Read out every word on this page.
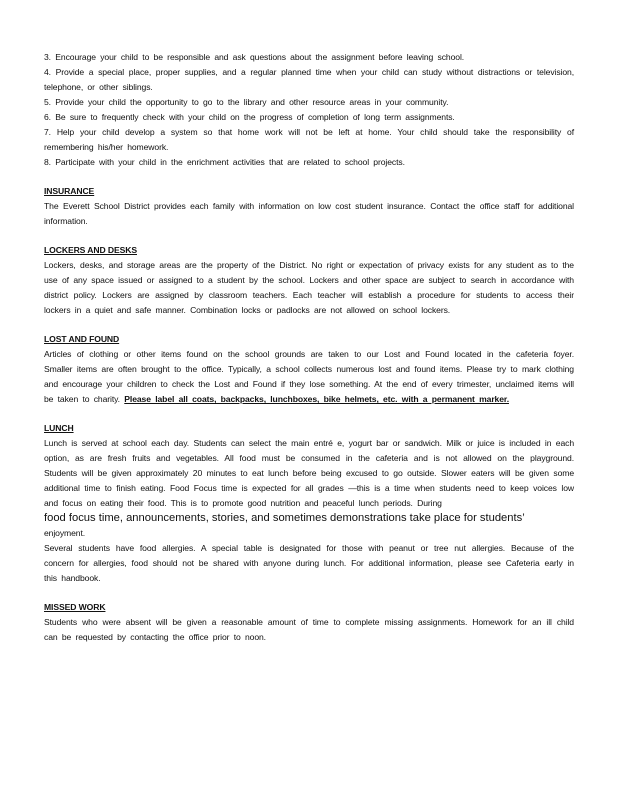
3. Encourage your child to be responsible and ask questions about the assignment before leaving school.

4. Provide a special place, proper supplies, and a regular planned time when your child can study without distractions or television, telephone, or other siblings.

5. Provide your child the opportunity to go to the library and other resource areas in your community.

6. Be sure to frequently check with your child on the progress of completion of long term assignments.

7. Help your child develop a system so that home work will not be left at home. Your child should take the responsibility of remembering his/her homework.

8. Participate with your child in the enrichment activities that are related to school projects.

INSURANCE

The Everett School District provides each family with information on low cost student insurance. Contact the office staff for additional information.

LOCKERS AND DESKS

Lockers, desks, and storage areas are the property of the District. No right or expectation of privacy exists for any student as to the use of any space issued or assigned to a student by the school. Lockers and other space are subject to search in accordance with district policy. Lockers are assigned by classroom teachers. Each teacher will establish a procedure for students to access their lockers in a quiet and safe manner. Combination locks or padlocks are not allowed on school lockers.

LOST AND FOUND

Articles of clothing or other items found on the school grounds are taken to our Lost and Found located in the cafeteria foyer. Smaller items are often brought to the office. Typically, a school collects numerous lost and found items. Please try to mark clothing and encourage your children to check the Lost and Found if they lose something. At the end of every trimester, unclaimed items will be taken to charity. Please label all coats, backpacks, lunchboxes, bike helmets, etc. with a permanent marker.

LUNCH

Lunch is served at school each day. Students can select the main entré e, yogurt bar or sandwich. Milk or juice is included in each option, as are fresh fruits and vegetables. All food must be consumed in the cafeteria and is not allowed on the playground. Students will be given approximately 20 minutes to eat lunch before being excused to go outside. Slower eaters will be given some additional time to finish eating. Food Focus time is expected for all grades —this is a time when students need to keep voices low and focus on eating their food. This is to promote good nutrition and peaceful lunch periods. During

food focus time, announcements, stories, and sometimes demonstrations take place for students’

enjoyment.

Several students have food allergies. A special table is designated for those with peanut or tree nut allergies. Because of the concern for allergies, food should not be shared with anyone during lunch. For additional information, please see Cafeteria early in this handbook.

MISSED WORK

Students who were absent will be given a reasonable amount of time to complete missing assignments. Homework for an ill child can be requested by contacting the office prior to noon.
